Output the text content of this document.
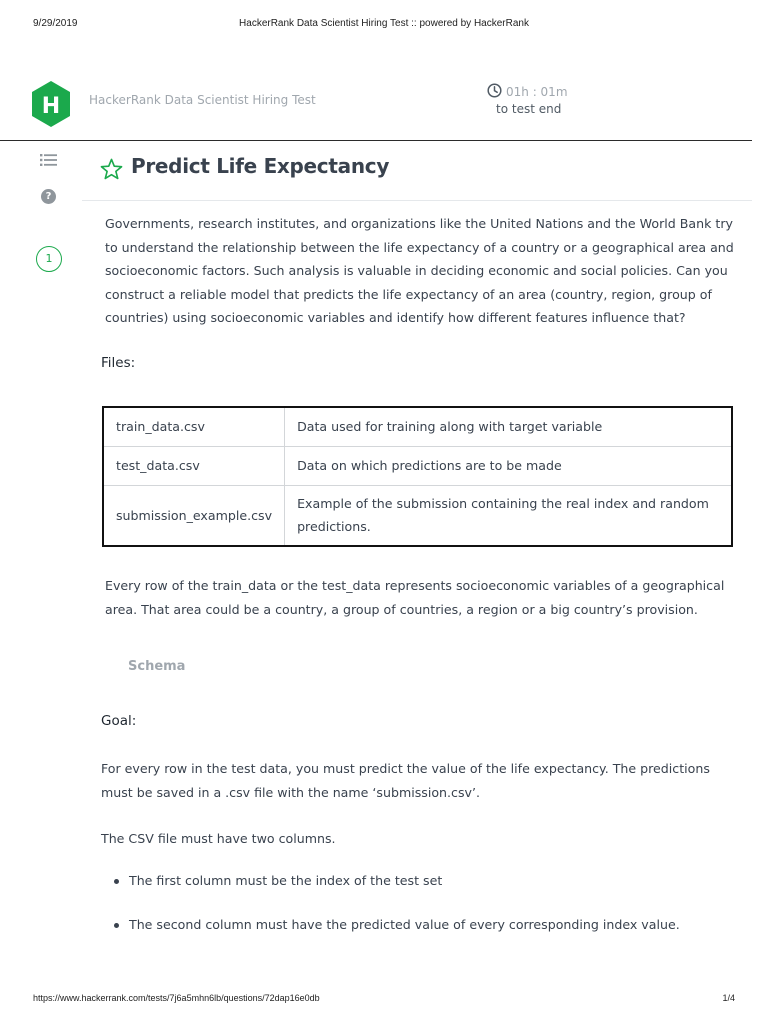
9/29/2019	HackerRank Data Scientist Hiring Test :: powered by HackerRank
H HackerRank Data Scientist Hiring Test
01h : 01m
to test end
?
1
Predict Life Expectancy

Governments, research institutes, and organizations like the United Nations and the World Bank try to understand the relationship between the life expectancy of a country or a geographical area and socioeconomic factors. Such analysis is valuable in deciding economic and social policies. Can you construct a reliable model that predicts the life expectancy of an area (country, region, group of countries) using socioeconomic variables and identify how different features influence that?

Files:
train_data.csv	Data used for training along with target variable
test_data.csv	Data on which predictions are to be made
submission_example.csv	Example of the submission containing the real index and random predictions.

Every row of the train_data or the test_data represents socioeconomic variables of a geographical area. That area could be a country, a group of countries, a region or a big country’s provision.

Schema
Goal:

For every row in the test data, you must predict the value of the life expectancy. The predictions must be saved in a .csv file with the name ‘submission.csv’.

The CSV file must have two columns.

The first column must be the index of the test set
The second column must have the predicted value of every corresponding index value.
https://www.hackerrank.com/tests/7j6a5mhn6lb/questions/72dap16e0db	1/4
